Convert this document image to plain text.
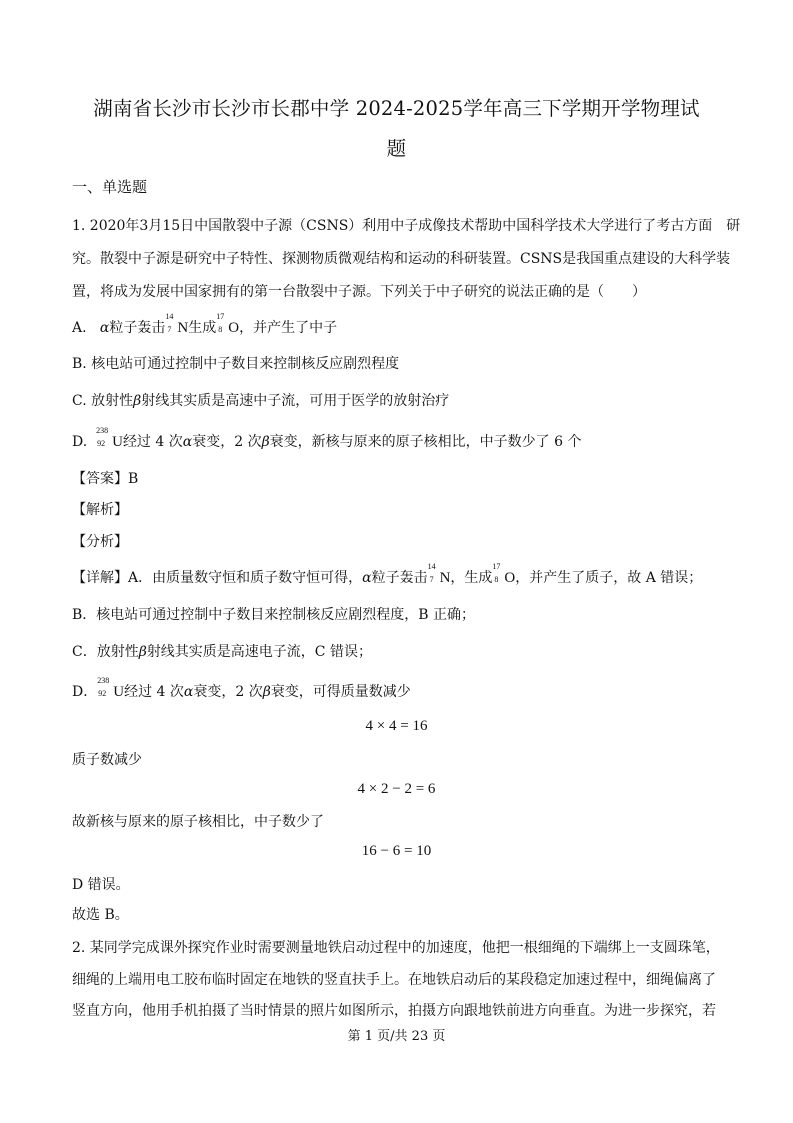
湖南省长沙市长沙市长郡中学 2024-2025学年高三下学期开学物理试
题
一、单选题
1. 2020年3月15日中国散裂中子源（CSNS）利用中子成像技术帮助中国科学技术大学进行了考古方面　研
究。散裂中子源是研究中子特性、探测物质微观结构和运动的科研装置。CSNS是我国重点建设的大科学装
置，将成为发展中国家拥有的第一台散裂中子源。下列关于中子研究的说法正确的是（　　）
A. α粒子轰击
14
7 N生成
17
8 O，并产生了中子
B. 核电站可通过控制中子数目来控制核反应剧烈程度
C. 放射性β射线其实质是高速中子流，可用于医学的放射治疗
D.
238
92 U经过 4 次α衰变，2 次β衰变，新核与原来的原子核相比，中子数少了 6 个
【答案】B
【解析】
【分析】
【详解】A．由质量数守恒和质子数守恒可得，α粒子轰击
14
7 N，生成
17
8 O，并产生了质子，故 A 错误；
B．核电站可通过控制中子数目来控制核反应剧烈程度，B 正确；
C．放射性β射线其实质是高速电子流，C 错误；
D．
238
92 U经过 4 次α衰变，2 次β衰变，可得质量数减少
4 × 4 = 16
质子数减少
4 × 2 − 2 = 6
故新核与原来的原子核相比，中子数少了
16 − 6 = 10
D 错误。
故选 B。
2. 某同学完成课外探究作业时需要测量地铁启动过程中的加速度，他把一根细绳的下端绑上一支圆珠笔，
细绳的上端用电工胶布临时固定在地铁的竖直扶手上。在地铁启动后的某段稳定加速过程中，细绳偏离了
竖直方向，他用手机拍摄了当时情景的照片如图所示，拍摄方向跟地铁前进方向垂直。为进一步探究，若
第 1 页/共 23 页
